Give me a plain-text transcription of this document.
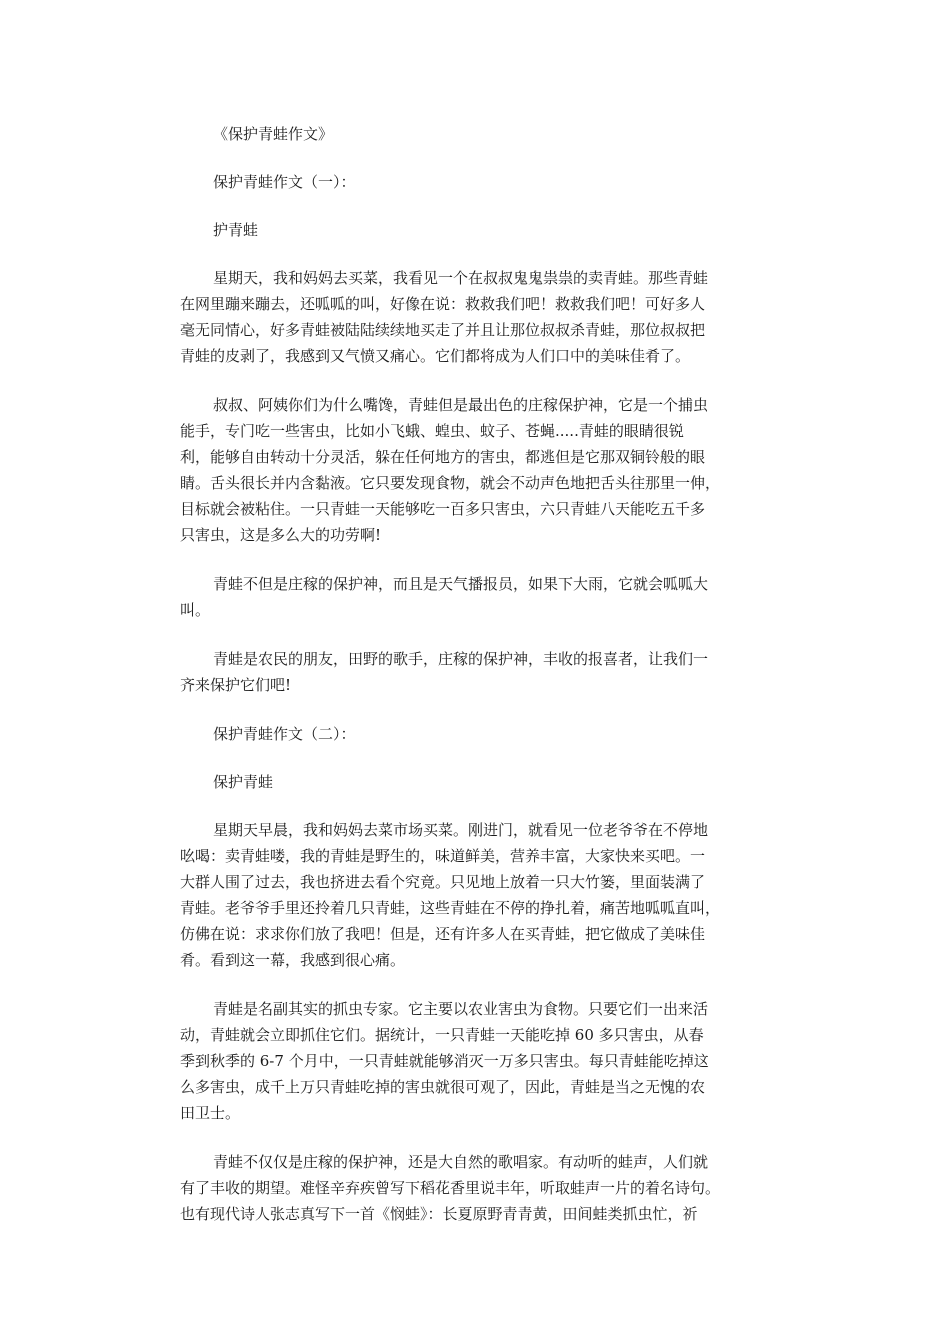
《保护青蛙作文》

保护青蛙作文（一）：

护青蛙

星期天，我和妈妈去买菜，我看见一个在叔叔鬼鬼祟祟的卖青蛙。那些青蛙
在网里蹦来蹦去，还呱呱的叫，好像在说：救救我们吧！救救我们吧！可好多人
毫无同情心，好多青蛙被陆陆续续地买走了并且让那位叔叔杀青蛙，那位叔叔把
青蛙的皮剥了，我感到又气愤又痛心。它们都将成为人们口中的美味佳肴了。
叔叔、阿姨你们为什么嘴馋，青蛙但是最出色的庄稼保护神，它是一个捕虫
能手，专门吃一些害虫，比如小飞蛾、蝗虫、蚊子、苍蝇.....青蛙的眼睛很锐
利，能够自由转动十分灵活，躲在任何地方的害虫，都逃但是它那双铜铃般的眼
睛。舌头很长并内含黏液。它只要发现食物，就会不动声色地把舌头往那里一伸，
目标就会被粘住。一只青蛙一天能够吃一百多只害虫，六只青蛙八天能吃五千多
只害虫，这是多么大的功劳啊!
青蛙不但是庄稼的保护神，而且是天气播报员，如果下大雨，它就会呱呱大
叫。
青蛙是农民的朋友，田野的歌手，庄稼的保护神，丰收的报喜者，让我们一
齐来保护它们吧!

保护青蛙作文（二）：

保护青蛙

星期天早晨，我和妈妈去菜市场买菜。刚进门，就看见一位老爷爷在不停地
吆喝：卖青蛙喽，我的青蛙是野生的，味道鲜美，营养丰富，大家快来买吧。一
大群人围了过去，我也挤进去看个究竟。只见地上放着一只大竹篓，里面装满了
青蛙。老爷爷手里还拎着几只青蛙，这些青蛙在不停的挣扎着，痛苦地呱呱直叫，
仿佛在说：求求你们放了我吧！但是，还有许多人在买青蛙，把它做成了美味佳
肴。看到这一幕，我感到很心痛。
青蛙是名副其实的抓虫专家。它主要以农业害虫为食物。只要它们一出来活
动，青蛙就会立即抓住它们。据统计，一只青蛙一天能吃掉 60 多只害虫，从春
季到秋季的 6-7 个月中，一只青蛙就能够消灭一万多只害虫。每只青蛙能吃掉这
么多害虫，成千上万只青蛙吃掉的害虫就很可观了，因此，青蛙是当之无愧的农
田卫士。
青蛙不仅仅是庄稼的保护神，还是大自然的歌唱家。有动听的蛙声，人们就
有了丰收的期望。难怪辛弃疾曾写下稻花香里说丰年，听取蛙声一片的着名诗句。
也有现代诗人张志真写下一首《悯蛙》：长夏原野青青黄，田间蛙类抓虫忙，祈
